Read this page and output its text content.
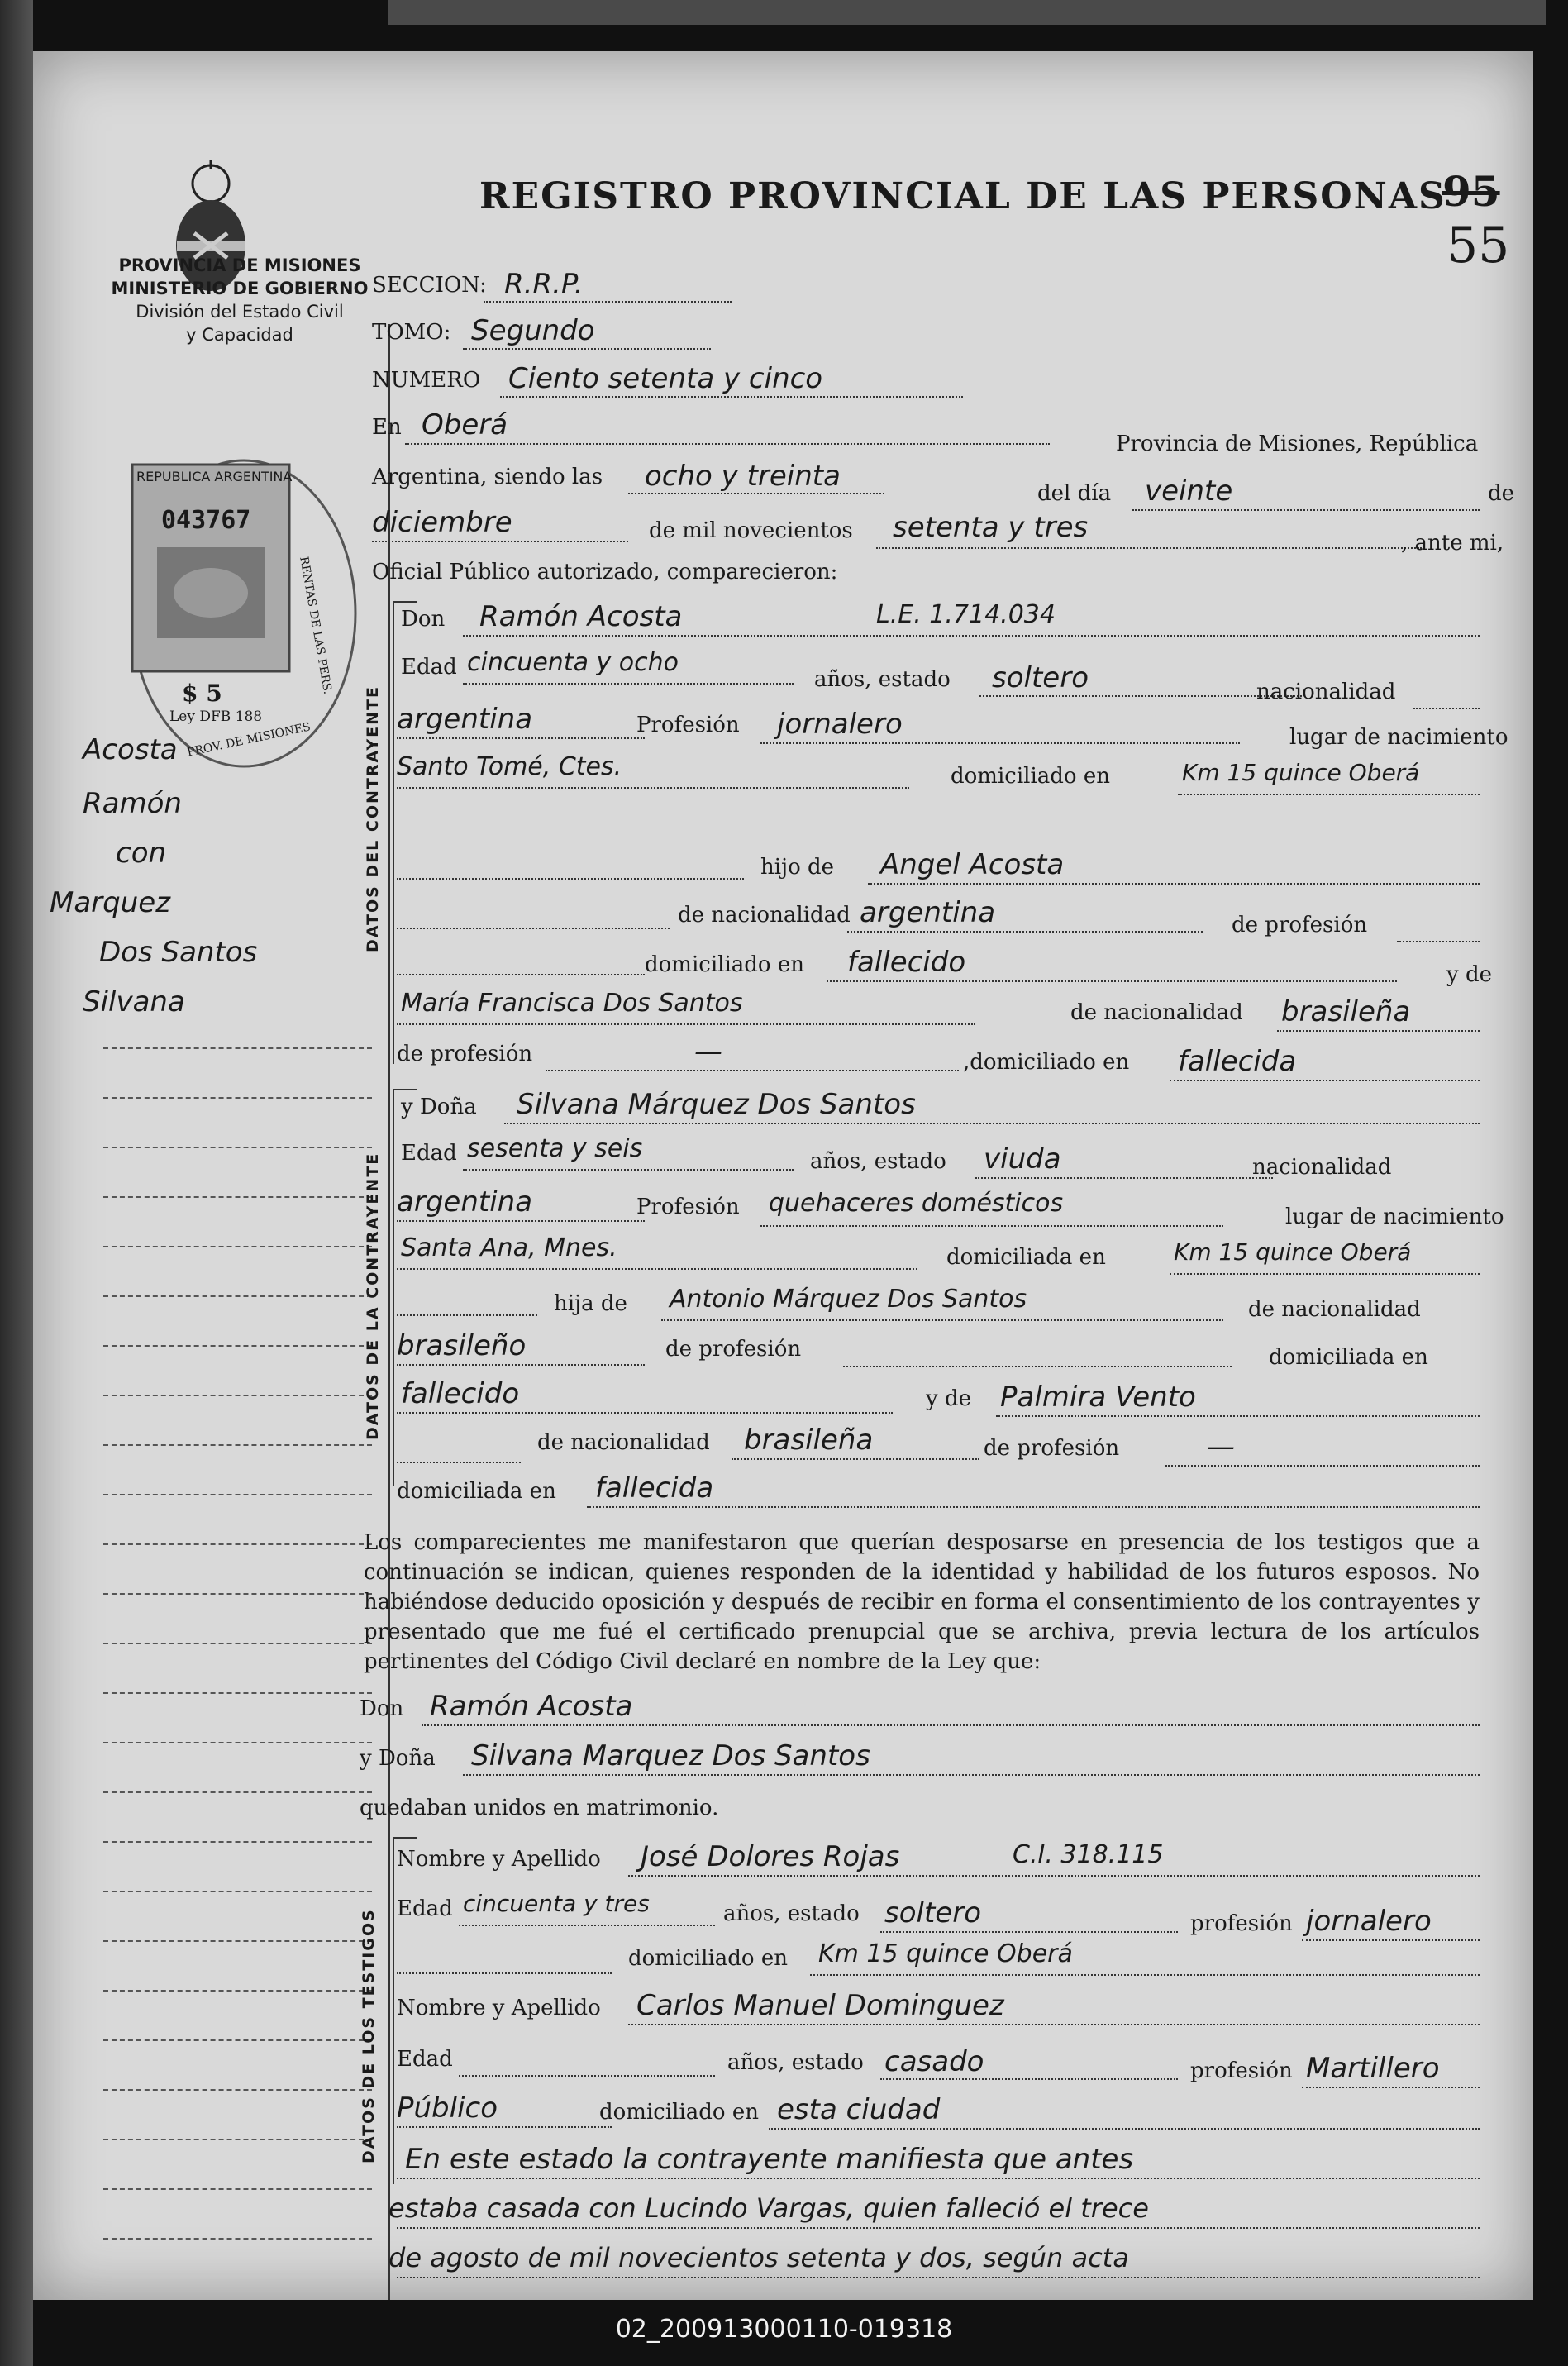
PROVINCIA DE MISIONES
MINISTERIO DE GOBIERNO
División del Estado Civil
y Capacidad
REGISTRO PROVINCIAL DE LAS PERSONAS
95
55
REPUBLICA ARGENTINA
043767
$ 5
Ley DFB 188
RENTAS DE LAS PERS.
PROV. DE MISIONES
Acosta
Ramón
con
Marquez
Dos Santos
Silvana
SECCION: R.R.P.
TOMO: Segundo
NUMERO Ciento setenta y cinco
En Oberá
Provincia de Misiones, República
Argentina, siendo las ocho y treinta
del día veinte	de
diciembre	de mil novecientos setenta y tres	, ante mi,
Oficial Público autorizado, comparecieron:
DATOS DEL CONTRAYENTE
Don Ramón Acosta	L.E. 1.714.034
Edad cincuenta y ocho
años, estado soltero	nacionalidad
argentina	Profesión jornalero	lugar de nacimiento
Santo Tomé, Ctes.	domiciliado en	Km 15 quince Oberá
hijo de Angel Acosta
de nacionalidad argentina	de profesión
domiciliado en fallecido	y de
María Francisca Dos Santos	de nacionalidad brasileña
de profesión	—	,domiciliado en fallecida
DATOS DE LA CONTRAYENTE
y Doña Silvana Márquez Dos Santos
Edad sesenta y seis	años, estado viuda	nacionalidad
argentina	Profesión quehaceres domésticos	lugar de nacimiento
Santa Ana, Mnes.	domiciliada en	Km 15 quince Oberá
hija de Antonio Márquez Dos Santos	de nacionalidad
brasileño	de profesión	domiciliada en
fallecido	y de Palmira Vento
de nacionalidad brasileña	de profesión	—
domiciliada en fallecida
Los comparecientes me manifestaron que querían desposarse en presencia de los testigos que a continuación se indican, quienes responden de la identidad y habilidad de los futuros esposos. No habiéndose deducido oposición y después de recibir en forma el consentimiento de los contrayentes y presentado que me fué el certificado prenupcial que se archiva, previa lectura de los artículos pertinentes del Código Civil declaré en nombre de la Ley que:
Don Ramón Acosta
y Doña Silvana Marquez Dos Santos
quedaban unidos en matrimonio.
DATOS DE LOS TESTIGOS
Nombre y Apellido José Dolores Rojas	C.I. 318.115
Edad cincuenta y tres	años, estado soltero	profesión jornalero
domiciliado en Km 15 quince Oberá
Nombre y Apellido Carlos Manuel Dominguez
Edad	años, estado casado	profesión Martillero
Público	domiciliado en esta ciudad
En este estado la contrayente manifiesta que antes
estaba casada con Lucindo Vargas, quien falleció el trece
de agosto de mil novecientos setenta y dos, según acta
02_200913000110-019318
